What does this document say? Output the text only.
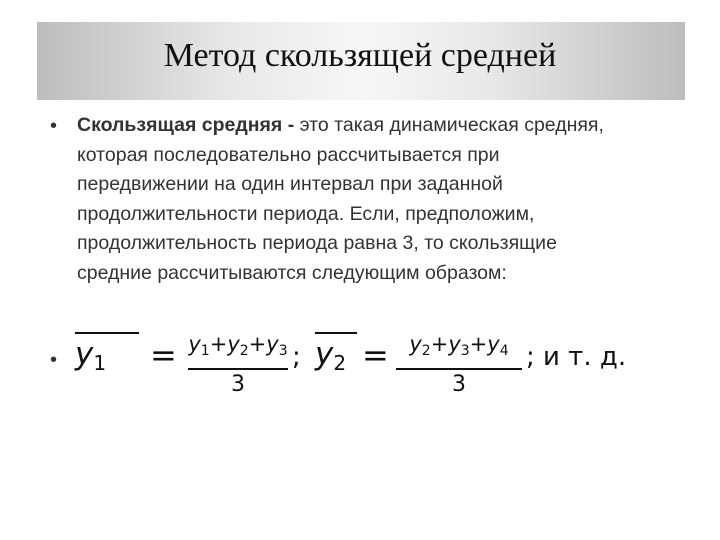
Метод скользящей средней
• Скользящая средняя - это такая динамическая средняя,
которая последовательно рассчитывается при
передвижении на один интервал при заданной
продолжительности периода. Если, предположим,
продолжительность периода равна 3, то скользящие
средние рассчитываются следующим образом:

• $y_1 = y1+y2+y3$
3
; $y_2 = y2+y3+y4$
3
; и т. д.
